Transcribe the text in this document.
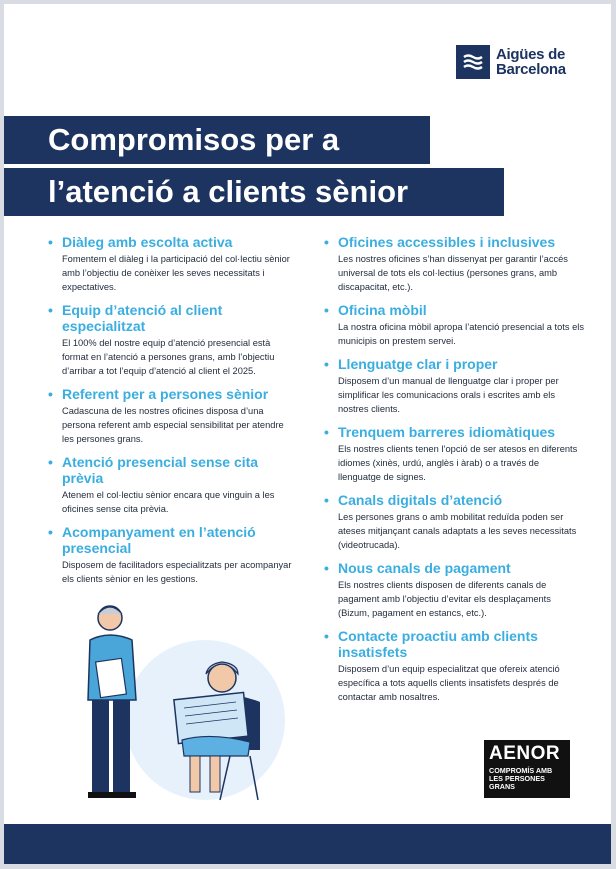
Aigües de
Barcelona
Compromisos per a
l’atenció a clients sènior
• Diàleg amb escolta activa
Fomentem el diàleg i la participació del col·lectiu sènior amb l’objectiu de conèixer les seves necessitats i expectatives.
• Equip d’atenció al client especialitzat
El 100% del nostre equip d’atenció presencial està format en l’atenció a persones grans, amb l’objectiu d’arribar a tot l’equip d’atenció al client el 2025.
• Referent per a persones sènior
Cadascuna de les nostres oficines disposa d’una persona referent amb especial sensibilitat per atendre les persones grans.
• Atenció presencial sense cita prèvia
Atenem el col·lectiu sènior encara que vinguin a les oficines sense cita prèvia.
• Acompanyament en l’atenció presencial
Disposem de facilitadors especialitzats per acompanyar els clients sènior en les gestions.
• Oficines accessibles i inclusives
Les nostres oficines s’han dissenyat per garantir l’accés universal de tots els col·lectius (persones grans, amb discapacitat, etc.).
• Oficina mòbil
La nostra oficina mòbil apropa l’atenció presencial a tots els municipis on prestem servei.
• Llenguatge clar i proper
Disposem d’un manual de llenguatge clar i proper per simplificar les comunicacions orals i escrites amb els nostres clients.
• Trenquem barreres idiomàtiques
Els nostres clients tenen l’opció de ser atesos en diferents idiomes (xinès, urdú, anglès i àrab) o a través de llenguatge de signes.
• Canals digitals d’atenció
Les persones grans o amb mobilitat reduïda poden ser ateses mitjançant canals adaptats a les seves necessitats (videotrucada).
• Nous canals de pagament
Els nostres clients disposen de diferents canals de pagament amb l’objectiu d’evitar els desplaçaments (Bizum, pagament en estancs, etc.).
• Contacte proactiu amb clients insatisfets
Disposem d’un equip especialitzat que ofereix atenció específica a tots aquells clients insatisfets després de contactar amb nosaltres.
AENOR
COMPROMÍS AMB LES PERSONES GRANS
